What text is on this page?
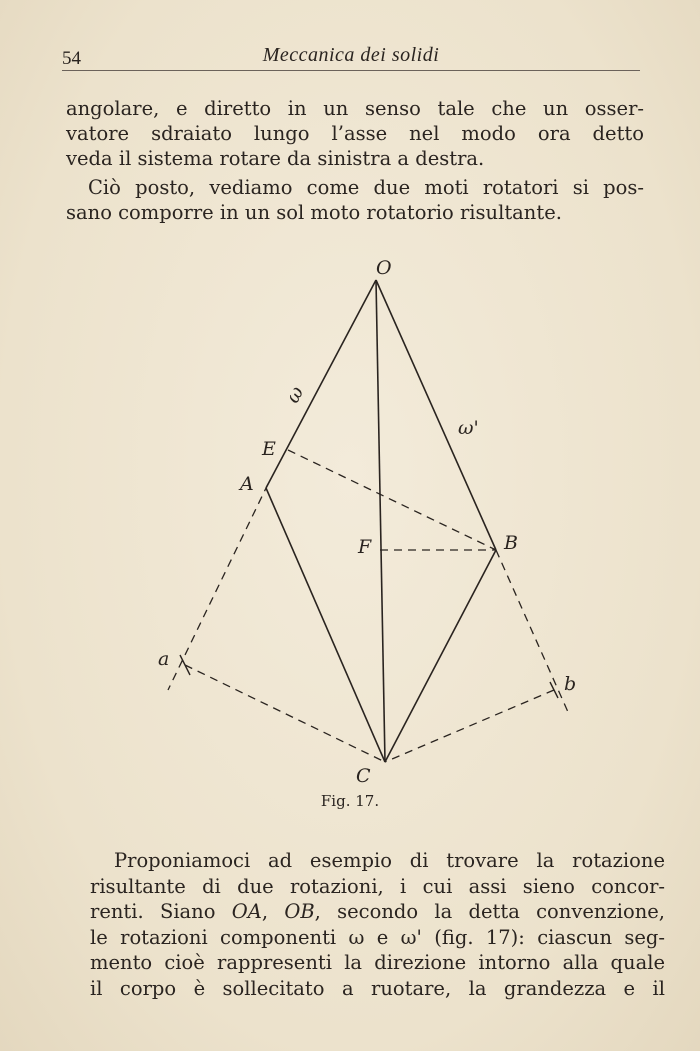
54	Meccanica dei solidi
angolare, e diretto in un senso tale che un osser-
vatore sdraiato lungo l’asse nel modo ora detto
veda il sistema rotare da sinistra a destra.
Ciò posto, vediamo come due moti rotatori si pos-
sano comporre in un sol moto rotatorio risultante.
O
E
A
F	B
C
a
b
ω
ω'
Fig. 17.
Proponiamoci ad esempio di trovare la rotazione
risultante di due rotazioni, i cui assi sieno concor-
renti. Siano OA, OB, secondo la detta convenzione,
le rotazioni componenti ω e ω' (fig. 17): ciascun seg-
mento cioè rappresenti la direzione intorno alla quale
il corpo è sollecitato a ruotare, la grandezza e il
